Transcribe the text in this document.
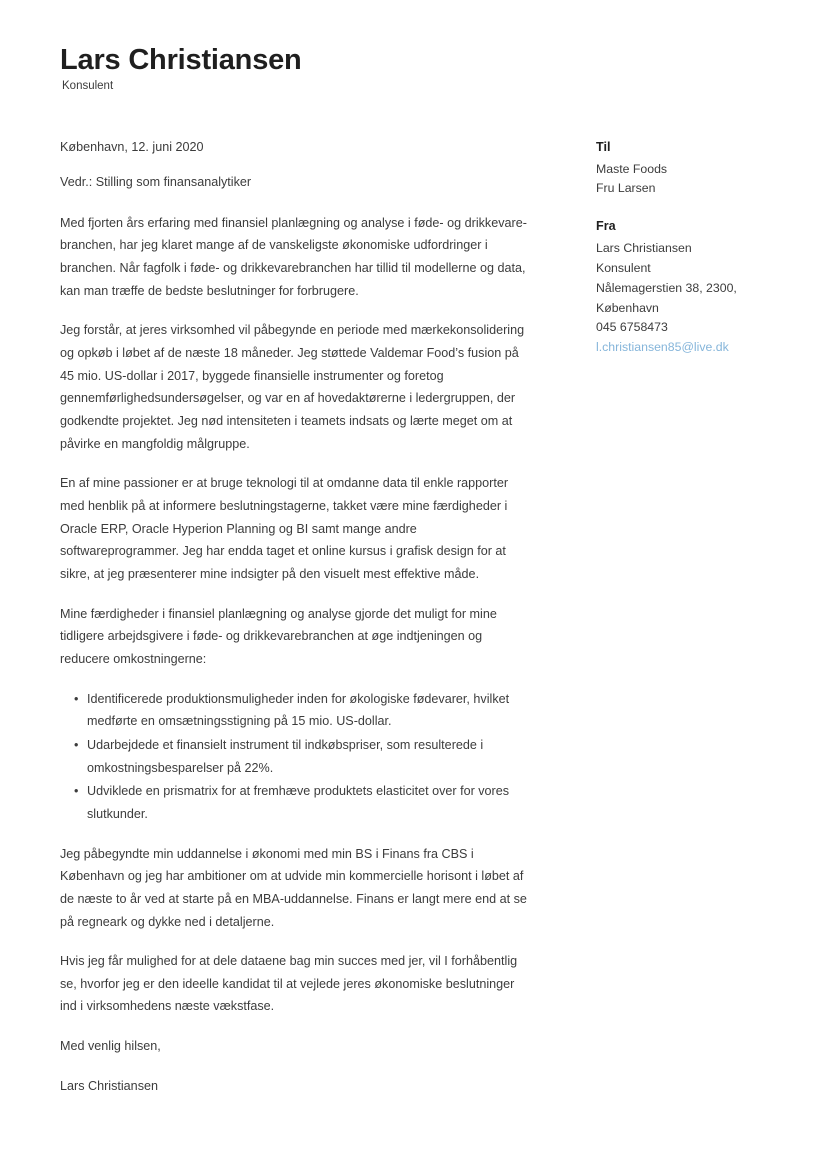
Lars Christiansen
Konsulent
København, 12. juni 2020
Vedr.: Stilling som finansanalytiker

Med fjorten års erfaring med finansiel planlægning og analyse i føde- og drikkevare-branchen, har jeg klaret mange af de vanskeligste økonomiske udfordringer i branchen. Når fagfolk i føde- og drikkevarebranchen har tillid til modellerne og data, kan man træffe de bedste beslutninger for forbrugere.

Jeg forstår, at jeres virksomhed vil påbegynde en periode med mærkekonsolidering og opkøb i løbet af de næste 18 måneder. Jeg støttede Valdemar Food’s fusion på 45 mio. US-dollar i 2017, byggede finansielle instrumenter og foretog gennemførlighedsundersøgelser, og var en af hovedaktørerne i ledergruppen, der godkendte projektet. Jeg nød intensiteten i teamets indsats og lærte meget om at påvirke en mangfoldig målgruppe.

En af mine passioner er at bruge teknologi til at omdanne data til enkle rapporter med henblik på at informere beslutningstagerne, takket være mine færdigheder i Oracle ERP, Oracle Hyperion Planning og BI samt mange andre softwareprogrammer. Jeg har endda taget et online kursus i grafisk design for at sikre, at jeg præsenterer mine indsigter på den visuelt mest effektive måde.

Mine færdigheder i finansiel planlægning og analyse gjorde det muligt for mine tidligere arbejdsgivere i føde- og drikkevarebranchen at øge indtjeningen og reducere omkostningerne:

• Identificerede produktionsmuligheder inden for økologiske fødevarer, hvilket medførte en omsætningsstigning på 15 mio. US-dollar.
• Udarbejdede et finansielt instrument til indkøbspriser, som resulterede i omkostningsbesparelser på 22%.
• Udviklede en prismatrix for at fremhæve produktets elasticitet over for vores slutkunder.

Jeg påbegyndte min uddannelse i økonomi med min BS i Finans fra CBS i København og jeg har ambitioner om at udvide min kommercielle horisont i løbet af de næste to år ved at starte på en MBA-uddannelse. Finans er langt mere end at se på regneark og dykke ned i detaljerne.

Hvis jeg får mulighed for at dele dataene bag min succes med jer, vil I forhåbentlig se, hvorfor jeg er den ideelle kandidat til at vejlede jeres økonomiske beslutninger ind i virksomhedens næste vækstfase.

Med venlig hilsen,

Lars Christiansen

Til
Maste Foods
Fru Larsen
Fra
Lars Christiansen
Konsulent
Nålemagerstien 38, 2300,
København
045 6758473
l.christiansen85@live.dk
